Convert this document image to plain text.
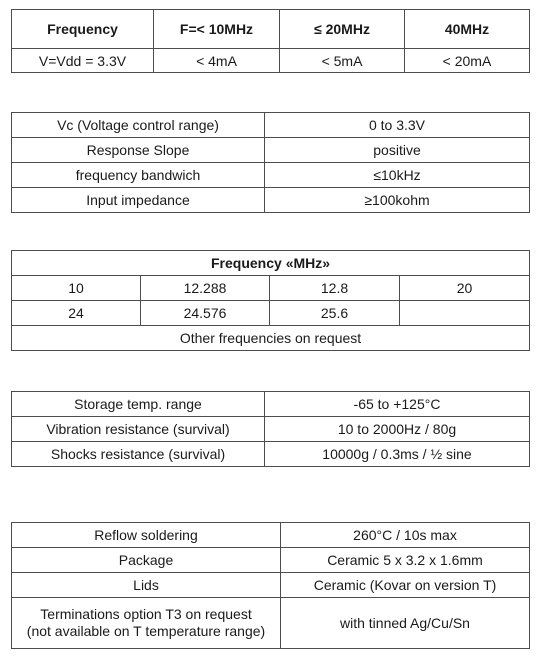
Frequency	F=< 10MHz	≤ 20MHz	40MHz
V=Vdd = 3.3V	< 4mA	< 5mA	< 20mA
Vc (Voltage control range)	0 to 3.3V
Response Slope	positive
frequency bandwich	≤10kHz
Input impedance	≥100kohm
Frequency «MHz»			
10	12.288	12.8	20
24	24.576	25.6	
Other frequencies on request			
Storage temp. range	-65 to +125°C
Vibration resistance (survival)	10 to 2000Hz / 80g
Shocks resistance (survival)	10000g / 0.3ms / ½ sine
Reflow soldering	260°C / 10s max
Package	Ceramic 5 x 3.2 x 1.6mm
Lids	Ceramic (Kovar on version T)
Terminations option T3 on request
(not available on T temperature range)	with tinned Ag/Cu/Sn
